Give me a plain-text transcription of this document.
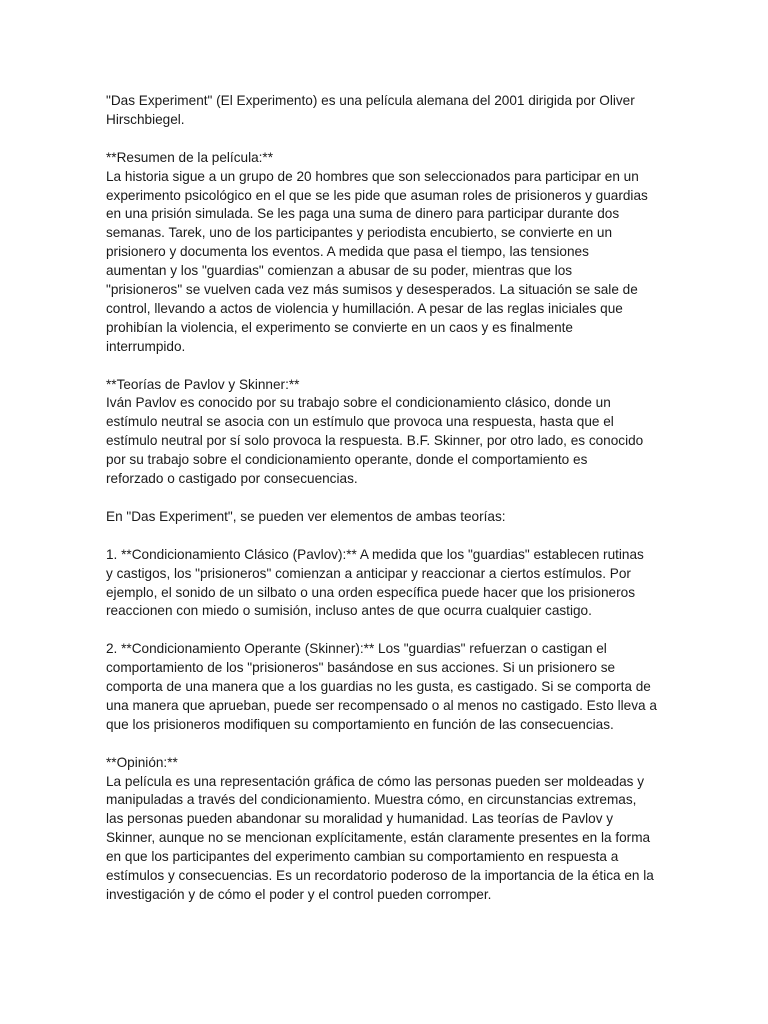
"Das Experiment" (El Experimento) es una película alemana del 2001 dirigida por Oliver
Hirschbiegel.
**Resumen de la película:**
La historia sigue a un grupo de 20 hombres que son seleccionados para participar en un
experimento psicológico en el que se les pide que asuman roles de prisioneros y guardias
en una prisión simulada. Se les paga una suma de dinero para participar durante dos
semanas. Tarek, uno de los participantes y periodista encubierto, se convierte en un
prisionero y documenta los eventos. A medida que pasa el tiempo, las tensiones
aumentan y los "guardias" comienzan a abusar de su poder, mientras que los
"prisioneros" se vuelven cada vez más sumisos y desesperados. La situación se sale de
control, llevando a actos de violencia y humillación. A pesar de las reglas iniciales que
prohibían la violencia, el experimento se convierte en un caos y es finalmente
interrumpido.
**Teorías de Pavlov y Skinner:**
Iván Pavlov es conocido por su trabajo sobre el condicionamiento clásico, donde un
estímulo neutral se asocia con un estímulo que provoca una respuesta, hasta que el
estímulo neutral por sí solo provoca la respuesta. B.F. Skinner, por otro lado, es conocido
por su trabajo sobre el condicionamiento operante, donde el comportamiento es
reforzado o castigado por consecuencias.
En "Das Experiment", se pueden ver elementos de ambas teorías:
1. **Condicionamiento Clásico (Pavlov):** A medida que los "guardias" establecen rutinas
y castigos, los "prisioneros" comienzan a anticipar y reaccionar a ciertos estímulos. Por
ejemplo, el sonido de un silbato o una orden específica puede hacer que los prisioneros
reaccionen con miedo o sumisión, incluso antes de que ocurra cualquier castigo.
2. **Condicionamiento Operante (Skinner):** Los "guardias" refuerzan o castigan el
comportamiento de los "prisioneros" basándose en sus acciones. Si un prisionero se
comporta de una manera que a los guardias no les gusta, es castigado. Si se comporta de
una manera que aprueban, puede ser recompensado o al menos no castigado. Esto lleva a
que los prisioneros modifiquen su comportamiento en función de las consecuencias.
**Opinión:**
La película es una representación gráfica de cómo las personas pueden ser moldeadas y
manipuladas a través del condicionamiento. Muestra cómo, en circunstancias extremas,
las personas pueden abandonar su moralidad y humanidad. Las teorías de Pavlov y
Skinner, aunque no se mencionan explícitamente, están claramente presentes en la forma
en que los participantes del experimento cambian su comportamiento en respuesta a
estímulos y consecuencias. Es un recordatorio poderoso de la importancia de la ética en la
investigación y de cómo el poder y el control pueden corromper.
